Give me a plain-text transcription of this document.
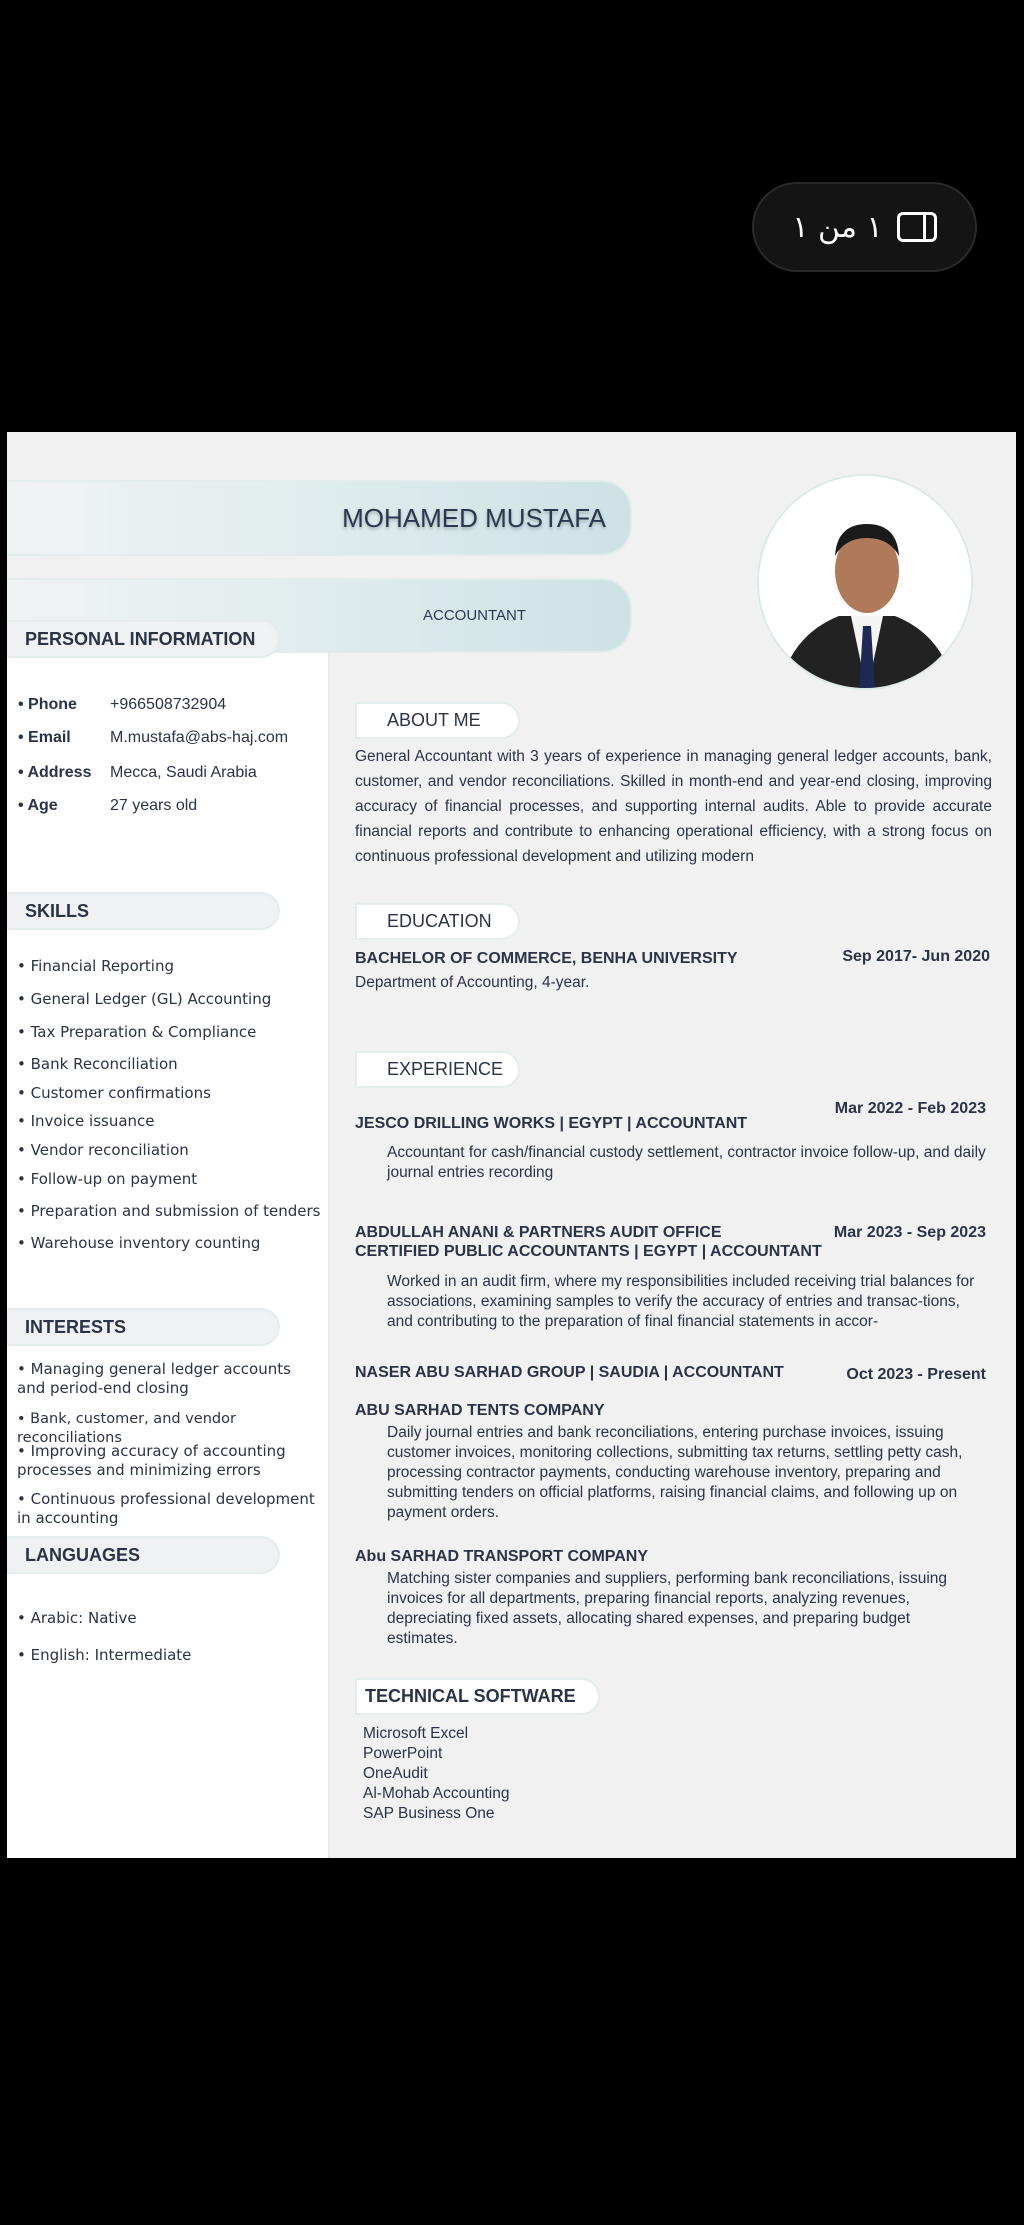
١ من ١
MOHAMED MUSTAFA
ACCOUNTANT
PERSONAL INFORMATION
• Phone	+966508732904
• Email	M.mustafa@abs-haj.com
• Address	Mecca, Saudi Arabia
• Age	27 years old
SKILLS
• Financial Reporting
• General Ledger (GL) Accounting
• Tax Preparation & Compliance
• Bank Reconciliation
• Customer confirmations
• Invoice issuance
• Vendor reconciliation
• Follow-up on payment
• Preparation and submission of tenders
• Warehouse inventory counting
INTERESTS
• Managing general ledger accounts and period-end closing
• Bank, customer, and vendor reconciliations
• Improving accuracy of accounting processes and minimizing errors
• Continuous professional development in accounting
LANGUAGES
• Arabic: Native
• English: Intermediate
ABOUT ME
General Accountant with 3 years of experience in managing general ledger accounts, bank, customer, and vendor reconciliations. Skilled in month-end and year-end closing, improving accuracy of financial processes, and supporting internal audits. Able to provide accurate financial reports and contribute to enhancing operational efficiency, with a strong focus on continuous professional development and utilizing modern
EDUCATION
BACHELOR OF COMMERCE, BENHA UNIVERSITY	Sep 2017- Jun 2020
Department of Accounting, 4-year.
EXPERIENCE
Mar 2022 - Feb 2023
JESCO DRILLING WORKS | EGYPT | ACCOUNTANT
Accountant for cash/financial custody settlement, contractor invoice follow-up, and daily journal entries recording
ABDULLAH ANANI & PARTNERS AUDIT OFFICE	Mar 2023 - Sep 2023
CERTIFIED PUBLIC ACCOUNTANTS | EGYPT | ACCOUNTANT
Worked in an audit firm, where my responsibilities included receiving trial balances for associations, examining samples to verify the accuracy of entries and transac-tions, and contributing to the preparation of final financial statements in accor-
NASER ABU SARHAD GROUP | SAUDIA | ACCOUNTANT	Oct 2023 - Present
ABU SARHAD TENTS COMPANY
Daily journal entries and bank reconciliations, entering purchase invoices, issuing customer invoices, monitoring collections, submitting tax returns, settling petty cash, processing contractor payments, conducting warehouse inventory, preparing and submitting tenders on official platforms, raising financial claims, and following up on payment orders.
Abu SARHAD TRANSPORT COMPANY
Matching sister companies and suppliers, performing bank reconciliations, issuing invoices for all departments, preparing financial reports, analyzing revenues, depreciating fixed assets, allocating shared expenses, and preparing budget estimates.
TECHNICAL SOFTWARE
Microsoft Excel
PowerPoint
OneAudit
Al-Mohab Accounting
SAP Business One
